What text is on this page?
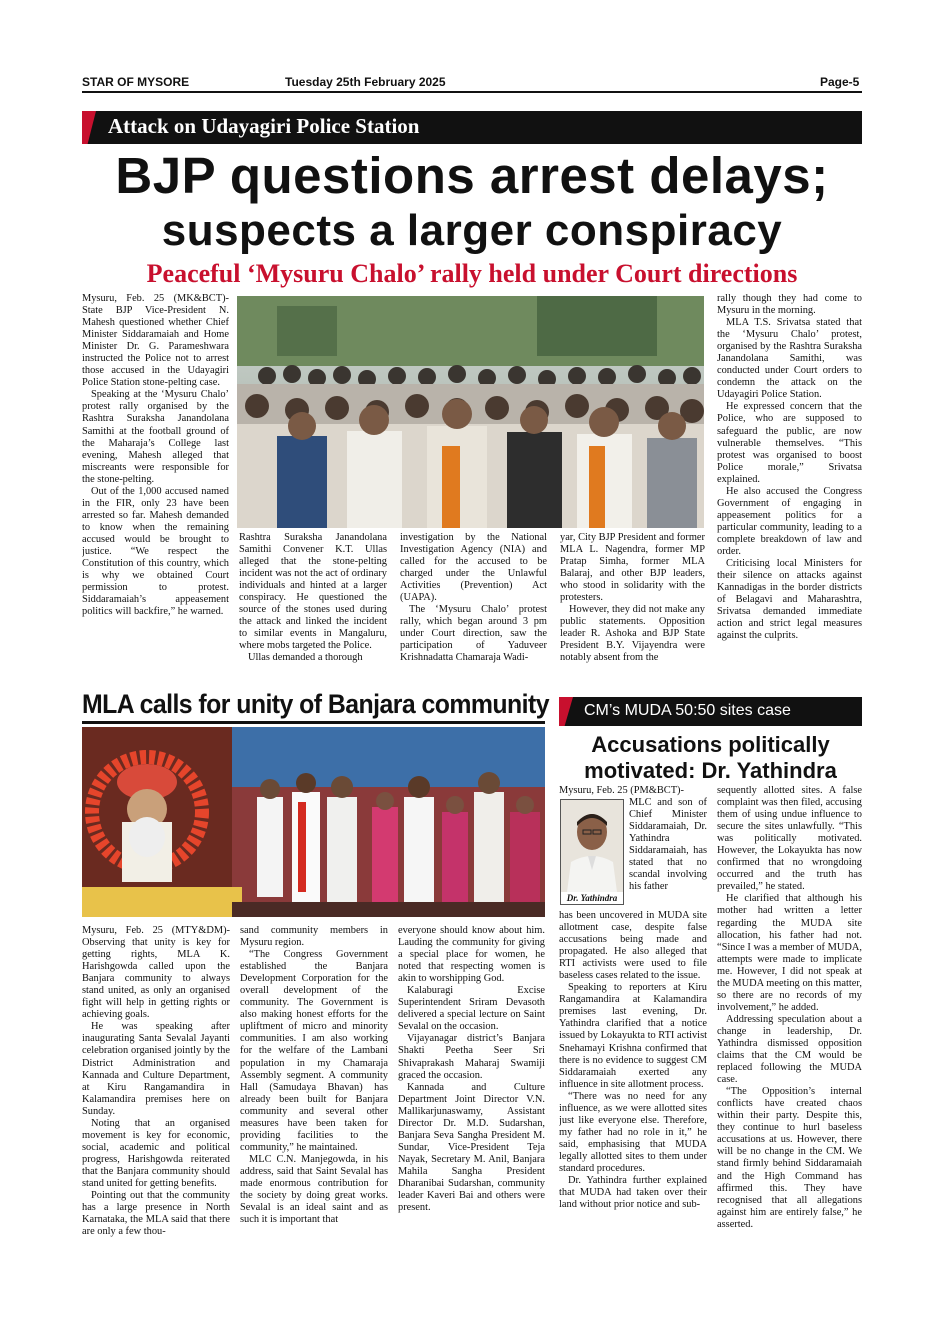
STAR OF MYSORE	Tuesday 25th February 2025	Page-5
Attack on Udayagiri Police Station
BJP questions arrest delays;
suspects a larger conspiracy
Peaceful ‘Mysuru Chalo’ rally held under Court directions

Mysuru, Feb. 25 (MK&BCT)- State BJP Vice-President N. Mahesh questioned whether Chief Minister Siddaramaiah and Home Minister Dr. G. Parameshwara instructed the Police not to arrest those accused in the Udayagiri Police Station stone-pelting case.

Speaking at the ‘Mysuru Chalo’ protest rally organised by the Rashtra Suraksha Janandolana Samithi at the football ground of the Maharaja’s College last evening, Mahesh alleged that miscreants were responsible for the stone-pelting.

Out of the 1,000 accused named in the FIR, only 23 have been arrested so far. Mahesh demanded to know when the remaining accused would be brought to justice. “We respect the Constitution of this country, which is why we obtained Court permission to protest. Siddaramaiah’s appeasement politics will backfire,” he warned.

Rashtra Suraksha Janandolana Samithi Convener K.T. Ullas alleged that the stone-pelting incident was not the act of ordinary individuals and hinted at a larger conspiracy. He questioned the source of the stones used during the attack and linked the incident to similar events in Mangaluru, where mobs targeted the Police.

Ullas demanded a thorough

investigation by the National Investigation Agency (NIA) and called for the accused to be charged under the Unlawful Activities (Prevention) Act (UAPA).

The ‘Mysuru Chalo’ protest rally, which began around 3 pm under Court direction, saw the participation of Yaduveer Krishnadatta Chamaraja Wadi-

yar, City BJP President and former MLA L. Nagendra, former MP Pratap Simha, former MLA Balaraj, and other BJP leaders, who stood in solidarity with the protesters.

However, they did not make any public statements. Opposition leader R. Ashoka and BJP State President B.Y. Vijayendra were notably absent from the

rally though they had come to Mysuru in the morning.

MLA T.S. Srivatsa stated that the ‘Mysuru Chalo’ protest, organised by the Rashtra Suraksha Janandolana Samithi, was conducted under Court orders to condemn the attack on the Udayagiri Police Station.

He expressed concern that the Police, who are supposed to safeguard the public, are now vulnerable themselves. “This protest was organised to boost Police morale,” Srivatsa explained.

He also accused the Congress Government of engaging in appeasement politics for a particular community, leading to a complete breakdown of law and order.

Criticising local Ministers for their silence on attacks against Kannadigas in the border districts of Belagavi and Maharashtra, Srivatsa demanded immediate action and strict legal measures against the culprits.

MLA calls for unity of Banjara community

Mysuru, Feb. 25 (MTY&DM)- Observing that unity is key for getting rights, MLA K. Harishgowda called upon the Banjara community to always stand united, as only an organised fight will help in getting rights or achieving goals.

He was speaking after inaugurating Santa Sevalal Jayanti celebration organised jointly by the District Administration and Kannada and Culture Department, at Kiru Rangamandira in Kalamandira premises here on Sunday.

Noting that an organised movement is key for economic, social, academic and political progress, Harishgowda reiterated that the Banjara community should stand united for getting benefits.

Pointing out that the community has a large presence in North Karnataka, the MLA said that there are only a few thou-

sand community members in Mysuru region.

“The Congress Government established the Banjara Development Corporation for the overall development of the community. The Government is also making honest efforts for the upliftment of micro and minority communities. I am also working for the welfare of the Lambani population in my Chamaraja Assembly segment. A community Hall (Samudaya Bhavan) has already been built for Banjara community and several other measures have been taken for providing facilities to the community,” he maintained.

MLC C.N. Manjegowda, in his address, said that Saint Sevalal has made enormous contribution for the society by doing great works. Sevalal is an ideal saint and as such it is important that

everyone should know about him. Lauding the community for giving a special place for women, he noted that respecting women is akin to worshipping God.

Kalaburagi Excise Superintendent Sriram Devasoth delivered a special lecture on Saint Sevalal on the occasion.

Vijayanagar district’s Banjara Shakti Peetha Seer Sri Shivaprakash Maharaj Swamiji graced the occasion.

Kannada and Culture Department Joint Director V.N. Mallikarjunaswamy, Assistant Director Dr. M.D. Sudarshan, Banjara Seva Sangha President M. Sundar, Vice-President Teja Nayak, Secretary M. Anil, Banjara Mahila Sangha President Dharanibai Sudarshan, community leader Kaveri Bai and others were present.

CM’s MUDA 50:50 sites case
Accusations politically
motivated: Dr. Yathindra

Mysuru, Feb. 25 (PM&BCT)-

Dr. Yathindra

MLC and son of Chief Minister Siddaramaiah, Dr. Yathindra Siddaramaiah, has stated that no scandal involving his father

has been uncovered in MUDA site allotment case, despite false accusations being made and propagated. He also alleged that RTI activists were used to file baseless cases related to the issue.

Speaking to reporters at Kiru Rangamandira at Kalamandira premises last evening, Dr. Yathindra clarified that a notice issued by Lokayukta to RTI activist Snehamayi Krishna confirmed that there is no evidence to suggest CM Siddaramaiah exerted any influence in site allotment process.

“There was no need for any influence, as we were allotted sites just like everyone else. Therefore, my father had no role in it,” he said, emphasising that MUDA legally allotted sites to them under standard procedures.

Dr. Yathindra further explained that MUDA had taken over their land without prior notice and sub-

sequently allotted sites. A false complaint was then filed, accusing them of using undue influence to secure the sites unlawfully. “This was politically motivated. However, the Lokayukta has now confirmed that no wrongdoing occurred and the truth has prevailed,” he stated.

He clarified that although his mother had written a letter regarding the MUDA site allocation, his father had not. “Since I was a member of MUDA, attempts were made to implicate me. However, I did not speak at the MUDA meeting on this matter, so there are no records of my involvement,” he added.

Addressing speculation about a change in leadership, Dr. Yathindra dismissed opposition claims that the CM would be replaced following the MUDA case.

“The Opposition’s internal conflicts have created chaos within their party. Despite this, they continue to hurl baseless accusations at us. However, there will be no change in the CM. We stand firmly behind Siddaramaiah and the High Command has affirmed this. They have recognised that all allegations against him are entirely false,” he asserted.
